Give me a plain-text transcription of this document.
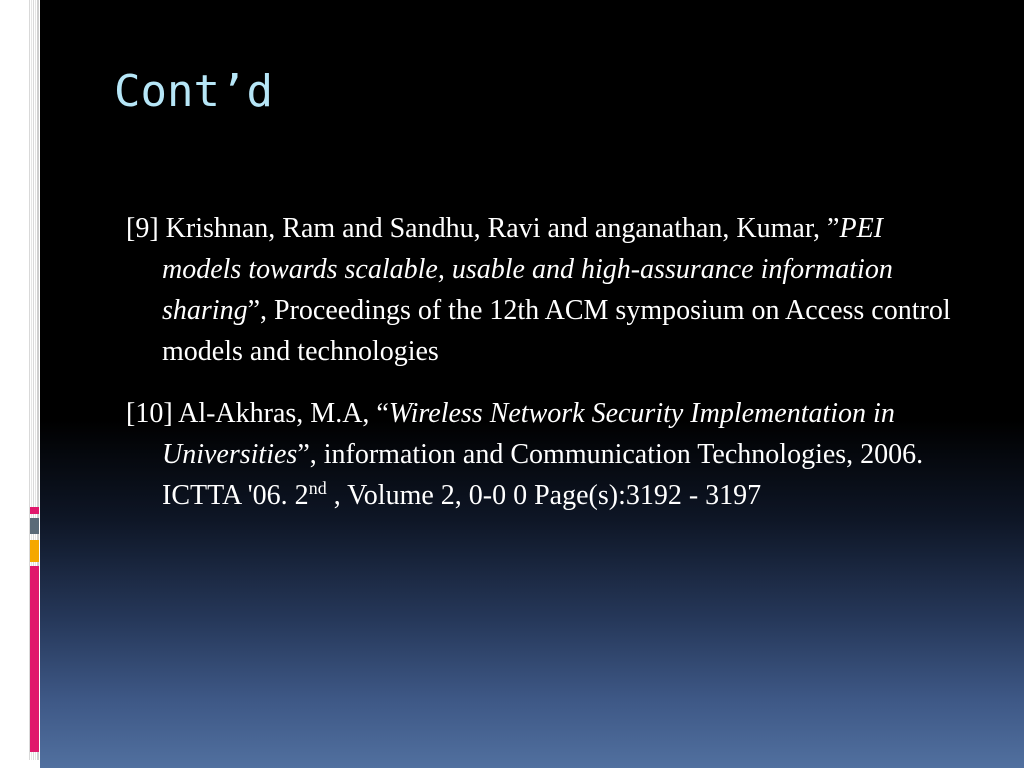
Cont’d

[9] Krishnan, Ram and Sandhu, Ravi and anganathan, Kumar, ”PEI models towards scalable, usable and high-assurance information sharing”, Proceedings of the 12th ACM symposium on Access control models and technologies

[10] Al-Akhras, M.A, “Wireless Network Security Implementation in Universities”, information and Communication Technologies, 2006. ICTTA '06. 2nd , Volume 2, 0-0 0 Page(s):3192 - 3197
